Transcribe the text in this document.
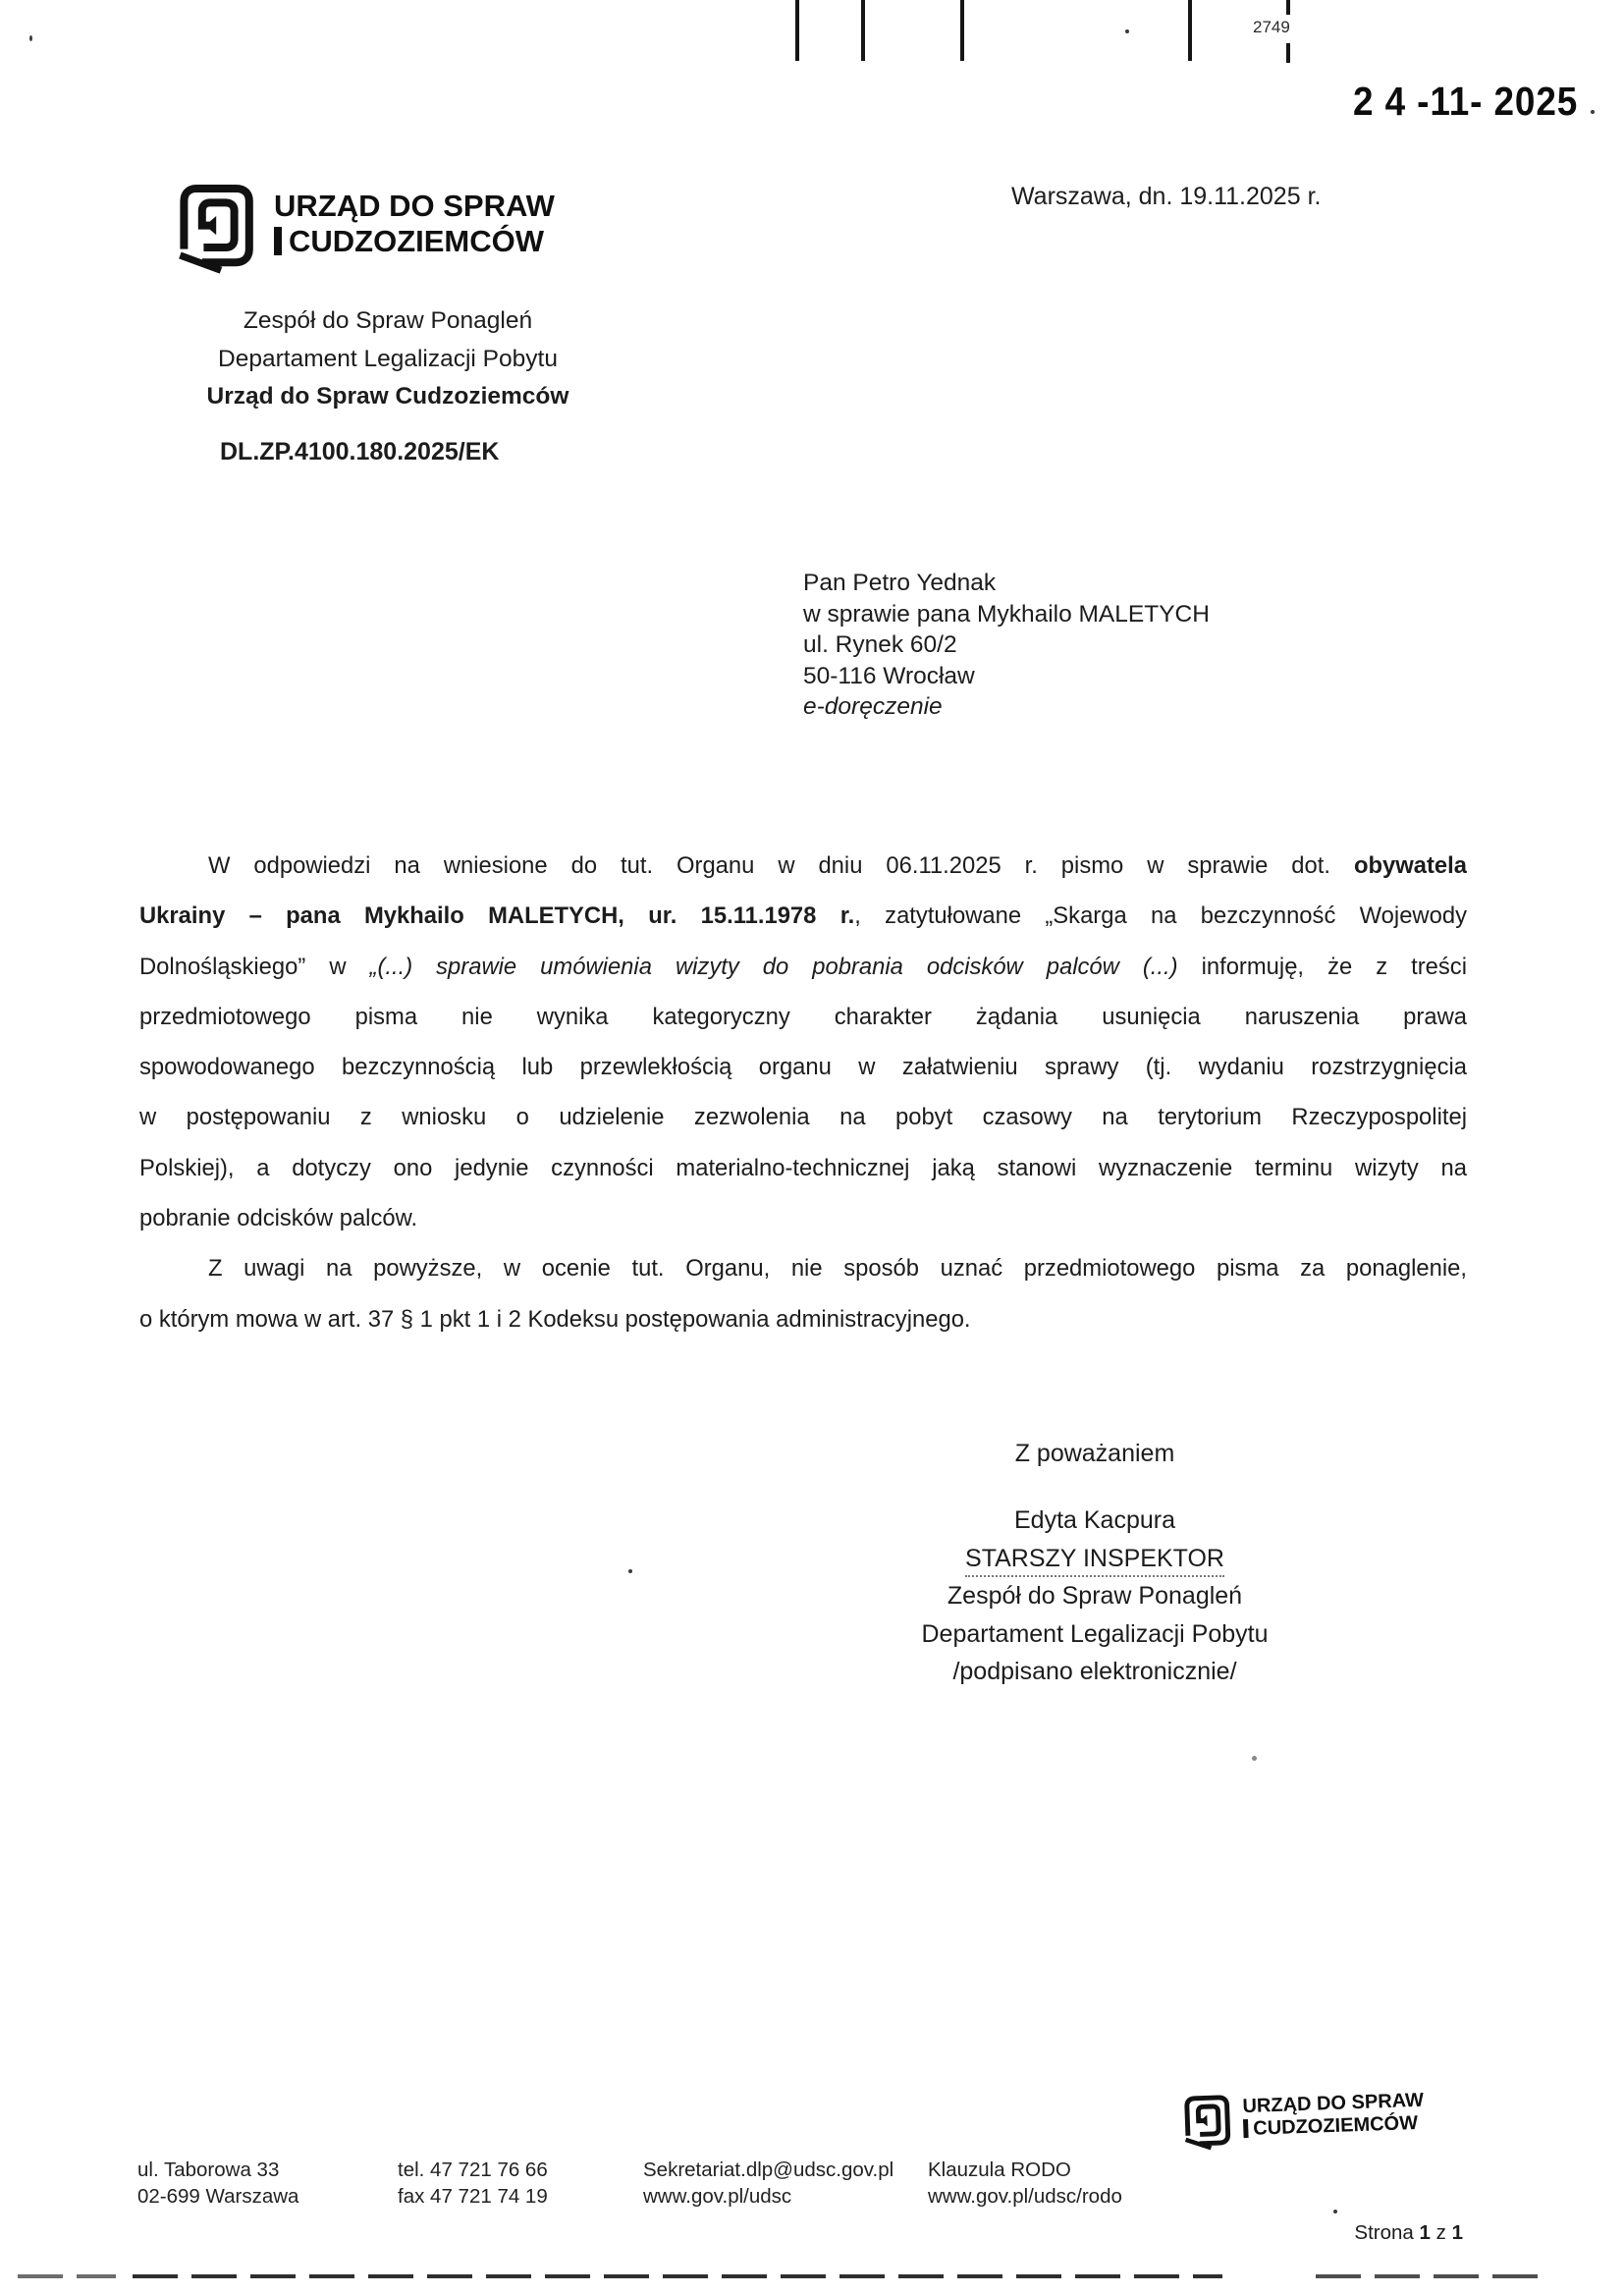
2749
2 4 -11- 2025
URZĄD DO SPRAW
CUDZOZIEMCÓW
Warszawa, dn. 19.11.2025 r.
Zespół do Spraw Ponagleń
Departament Legalizacji Pobytu
Urząd do Spraw Cudzoziemców
DL.ZP.4100.180.2025/EK
Pan Petro Yednak
w sprawie pana Mykhailo MALETYCH
ul. Rynek 60/2
50-116 Wrocław
e-doręczenie
W odpowiedzi na wniesione do tut. Organu w dniu 06.11.2025 r. pismo w sprawie dot. obywatela
Ukrainy – pana Mykhailo MALETYCH, ur. 15.11.1978 r., zatytułowane „Skarga na bezczynność Wojewody
Dolnośląskiego” w „(...) sprawie umówienia wizyty do pobrania odcisków palców (...) informuję, że z treści
przedmiotowego pisma nie wynika kategoryczny charakter żądania usunięcia naruszenia prawa
spowodowanego bezczynnością lub przewlekłością organu w załatwieniu sprawy (tj. wydaniu rozstrzygnięcia
w postępowaniu z wniosku o udzielenie zezwolenia na pobyt czasowy na terytorium Rzeczypospolitej
Polskiej), a dotyczy ono jedynie czynności materialno-technicznej jaką stanowi wyznaczenie terminu wizyty na
pobranie odcisków palców.
Z uwagi na powyższe, w ocenie tut. Organu, nie sposób uznać przedmiotowego pisma za ponaglenie,
o którym mowa w art. 37 § 1 pkt 1 i 2 Kodeksu postępowania administracyjnego.
Z poważaniem
Edyta Kacpura
STARSZY INSPEKTOR
Zespół do Spraw Ponagleń
Departament Legalizacji Pobytu
/podpisano elektronicznie/
URZĄD DO SPRAW
CUDZOZIEMCÓW
ul. Taborowa 33
02-699 Warszawa
tel. 47 721 76 66
fax 47 721 74 19
Sekretariat.dlp@udsc.gov.pl
www.gov.pl/udsc
Klauzula RODO
www.gov.pl/udsc/rodo
Strona 1 z 1
